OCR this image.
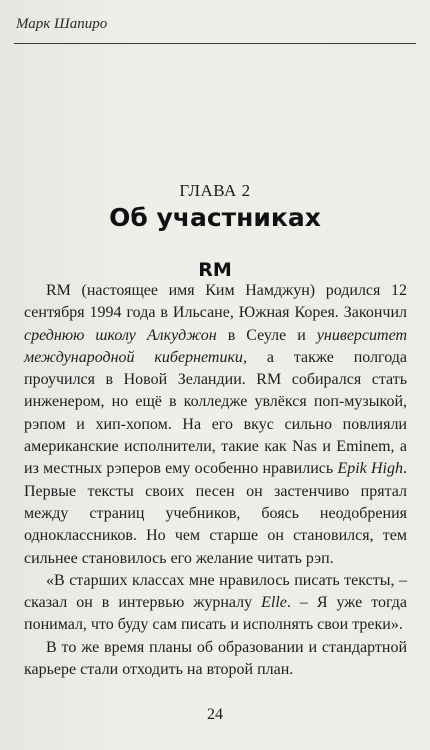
Марк Шапиро
ГЛАВА 2
Об участниках
RM

RM (настоящее имя Ким Намджун) родился 12 сентября 1994 года в Ильсане, Южная Корея. Закончил среднюю школу Алкуджон в Сеуле и университет международной кибернетики, а также полгода проучился в Новой Зеландии. RM собирался стать инженером, но ещё в колледже увлёкся поп-музыкой, рэпом и хип-хопом. На его вкус сильно повлияли американские исполнители, такие как Nas и Eminem, а из местных рэперов ему особенно нравились Epik High. Первые тексты своих песен он застенчиво прятал между страниц учебников, боясь неодобрения одноклассников. Но чем старше он становился, тем сильнее становилось его желание читать рэп.

«В старших классах мне нравилось писать тексты, – сказал он в интервью журналу Elle. – Я уже тогда понимал, что буду сам писать и исполнять свои треки».

В то же время планы об образовании и стандартной карьере стали отходить на второй план.

24
